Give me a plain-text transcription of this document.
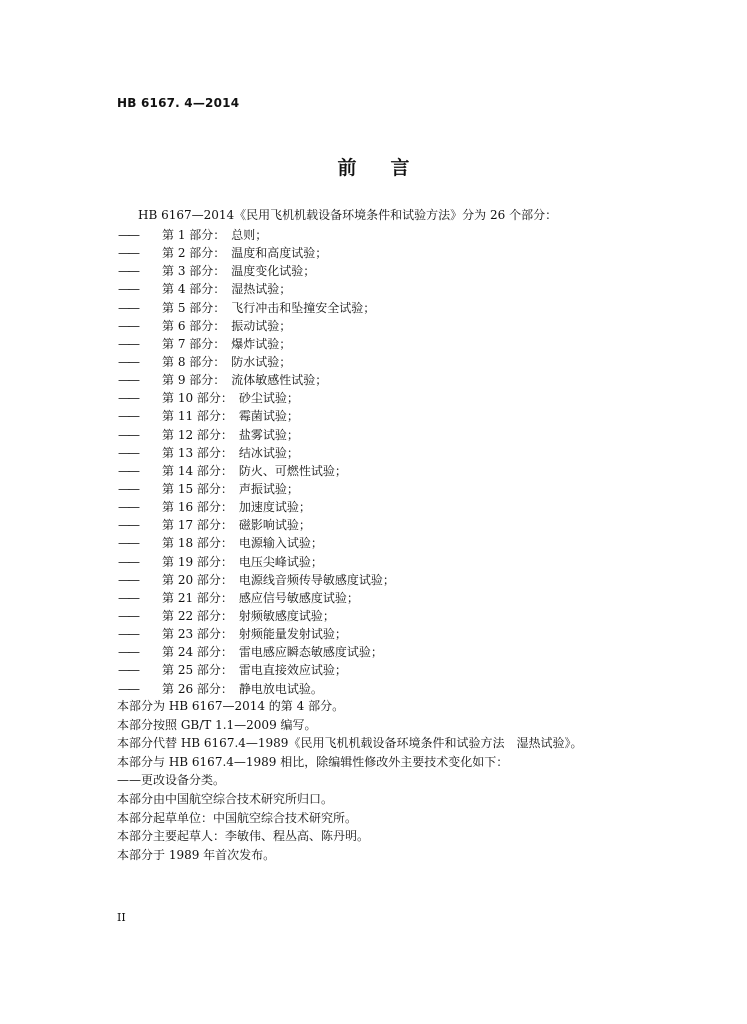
HB 6167. 4—2014
前 言
HB 6167—2014《民用飞机机载设备环境条件和试验方法》分为 26 个部分：
——	第 1 部分： 总则；
——	第 2 部分： 温度和高度试验；
——	第 3 部分： 温度变化试验；
——	第 4 部分： 湿热试验；
——	第 5 部分： 飞行冲击和坠撞安全试验；
——	第 6 部分： 振动试验；
——	第 7 部分： 爆炸试验；
——	第 8 部分： 防水试验；
——	第 9 部分： 流体敏感性试验；
——	第 10 部分： 砂尘试验；
——	第 11 部分： 霉菌试验；
——	第 12 部分： 盐雾试验；
——	第 13 部分： 结冰试验；
——	第 14 部分： 防火、可燃性试验；
——	第 15 部分： 声振试验；
——	第 16 部分： 加速度试验；
——	第 17 部分： 磁影响试验；
——	第 18 部分： 电源输入试验；
——	第 19 部分： 电压尖峰试验；
——	第 20 部分： 电源线音频传导敏感度试验；
——	第 21 部分： 感应信号敏感度试验；
——	第 22 部分： 射频敏感度试验；
——	第 23 部分： 射频能量发射试验；
——	第 24 部分： 雷电感应瞬态敏感度试验；
——	第 25 部分： 雷电直接效应试验；
——	第 26 部分： 静电放电试验。
本部分为 HB 6167—2014 的第 4 部分。
本部分按照 GB/T 1.1—2009 编写。
本部分代替 HB 6167.4—1989《民用飞机机载设备环境条件和试验方法　湿热试验》。
本部分与 HB 6167.4—1989 相比，除编辑性修改外主要技术变化如下：
——更改设备分类。
本部分由中国航空综合技术研究所归口。
本部分起草单位：中国航空综合技术研究所。
本部分主要起草人：李敏伟、程丛高、陈丹明。
本部分于 1989 年首次发布。
II
